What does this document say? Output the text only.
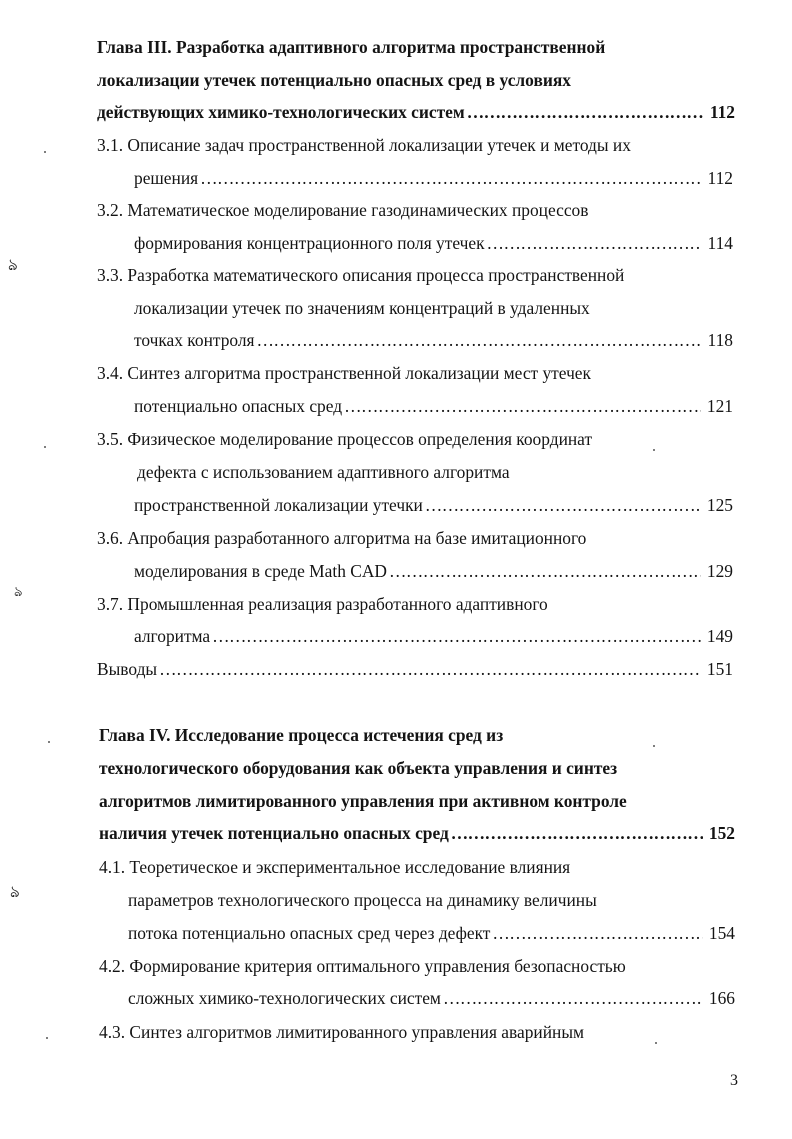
Глава III. Разработка адаптивного алгоритма пространственной
локализации утечек потенциально опасных сред в условиях
действующих химико-технологических систем ……………………………………………………………………………………………………………………………………	112
3.1. Описание задач пространственной локализации утечек и методы их
решения ……………………………………………………………………………………………………………………………………	112
3.2. Математическое моделирование газодинамических процессов
формирования концентрационного поля утечек ……………………………………………………………………………………………………………………………………	114
3.3. Разработка математического описания процесса пространственной
локализации утечек по значениям концентраций в удаленных
точках контроля ……………………………………………………………………………………………………………………………………	118
3.4. Синтез алгоритма пространственной локализации мест утечек
потенциально опасных сред ……………………………………………………………………………………………………………………………………	121
3.5. Физическое моделирование процессов определения координат
дефекта с использованием адаптивного алгоритма
пространственной локализации утечки ……………………………………………………………………………………………………………………………………	125
3.6. Апробация разработанного алгоритма на базе имитационного
моделирования в среде Math CAD ……………………………………………………………………………………………………………………………………	129
3.7. Промышленная реализация разработанного адаптивного
алгоритма ……………………………………………………………………………………………………………………………………	149
Выводы ……………………………………………………………………………………………………………………………………	151
Глава IV. Исследование процесса истечения сред из
технологического оборудования как объекта управления и синтез
алгоритмов лимитированного управления при активном контроле
наличия утечек потенциально опасных сред ……………………………………………………………………………………………………………………………………	152
4.1. Теоретическое и экспериментальное исследование влияния
параметров технологического процесса на динамику величины
потока потенциально опасных сред через дефект ……………………………………………………………………………………………………………………………………	154
4.2. Формирование критерия оптимального управления безопасностью
сложных химико-технологических систем ……………………………………………………………………………………………………………………………………	166
4.3. Синтез алгоритмов лимитированного управления аварийным
3
ঌ
ঌ
ঌ
